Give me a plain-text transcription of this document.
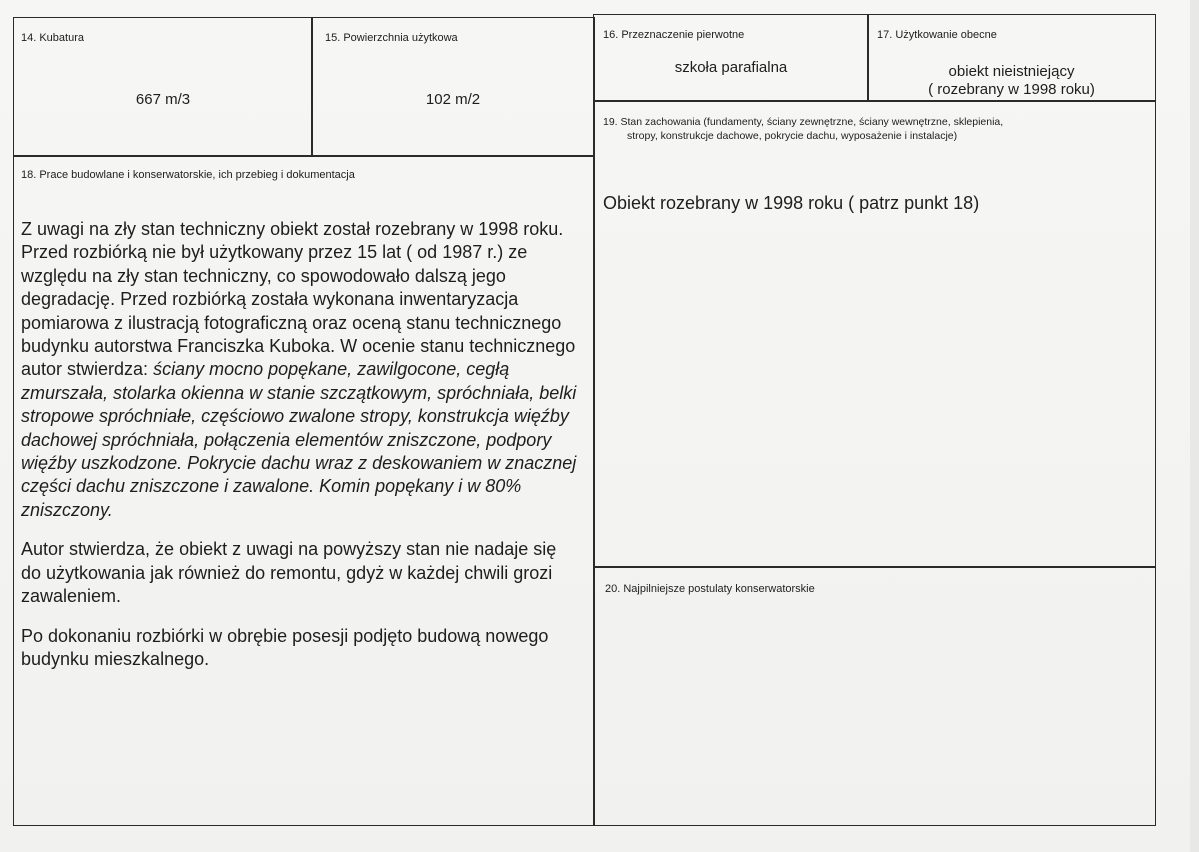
14. Kubatura
667 m/3
15. Powierzchnia użytkowa
102 m/2
16. Przeznaczenie pierwotne
szkoła parafialna
17. Użytkowanie obecne
obiekt nieistniejący
( rozebrany w 1998 roku)
19. Stan zachowania (fundamenty, ściany zewnętrzne, ściany wewnętrzne, sklepienia,
stropy, konstrukcje dachowe, pokrycie dachu, wyposażenie i instalacje)
Obiekt rozebrany w 1998 roku ( patrz punkt 18)
18. Prace budowlane i konserwatorskie, ich przebieg i dokumentacja

Z uwagi na zły stan techniczny obiekt został rozebrany w 1998 roku. Przed rozbiórką nie był użytkowany przez 15 lat ( od 1987 r.) ze względu na zły stan techniczny, co spowodowało dalszą jego degradację. Przed rozbiórką została wykonana inwentaryzacja pomiarowa z ilustracją fotograficzną oraz oceną stanu technicznego budynku autorstwa Franciszka Kuboka. W ocenie stanu technicznego autor stwierdza: ściany mocno popękane, zawilgocone, cegłą zmurszała, stolarka okienna w stanie szczątkowym, spróchniała, belki stropowe spróchniałe, częściowo zwalone stropy, konstrukcja więźby dachowej spróchniała, połączenia elementów zniszczone, podpory więźby uszkodzone. Pokrycie dachu wraz z deskowaniem w znacznej części dachu zniszczone i zawalone. Komin popękany i w 80% zniszczony.

Autor stwierdza, że obiekt z uwagi na powyższy stan nie nadaje się do użytkowania jak również do remontu, gdyż w każdej chwili grozi zawaleniem.

Po dokonaniu rozbiórki w obrębie posesji podjęto budową nowego budynku mieszkalnego.

20. Najpilniejsze postulaty konserwatorskie
